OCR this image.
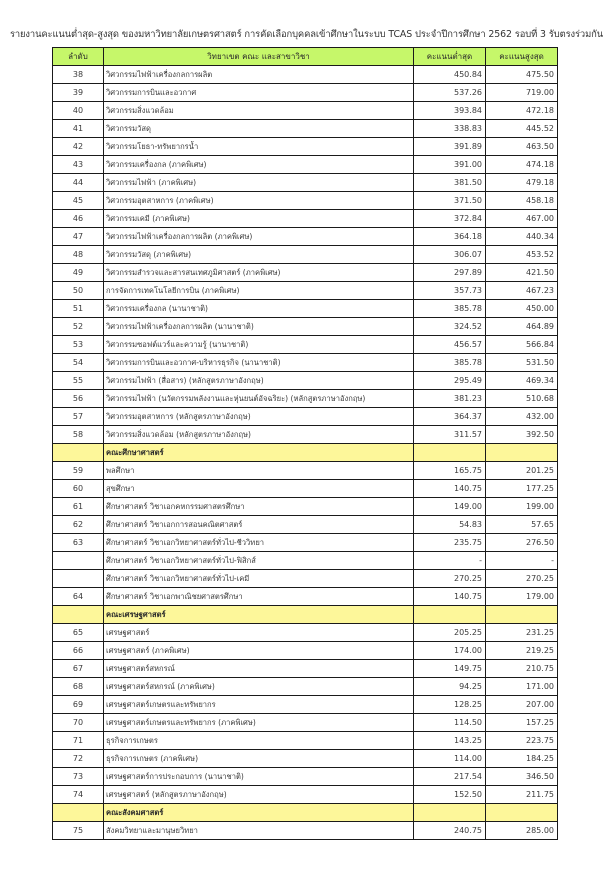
รายงานคะแนนต่ำสุด-สูงสุด ของมหาวิทยาลัยเกษตรศาสตร์ การคัดเลือกบุคคลเข้าศึกษาในระบบ TCAS ประจำปีการศึกษา 2562 รอบที่ 3 รับตรงร่วมกัน
ลำดับ	วิทยาเขต คณะ และสาขาวิชา	คะแนนต่ำสุด	คะแนนสูงสุด
38	วิศวกรรมไฟฟ้าเครื่องกลการผลิต	450.84	475.50
39	วิศวกรรมการบินและอวกาศ	537.26	719.00
40	วิศวกรรมสิ่งแวดล้อม	393.84	472.18
41	วิศวกรรมวัสดุ	338.83	445.52
42	วิศวกรรมโยธา-ทรัพยากรน้ำ	391.89	463.50
43	วิศวกรรมเครื่องกล (ภาคพิเศษ)	391.00	474.18
44	วิศวกรรมไฟฟ้า (ภาคพิเศษ)	381.50	479.18
45	วิศวกรรมอุตสาหการ (ภาคพิเศษ)	371.50	458.18
46	วิศวกรรมเคมี (ภาคพิเศษ)	372.84	467.00
47	วิศวกรรมไฟฟ้าเครื่องกลการผลิต (ภาคพิเศษ)	364.18	440.34
48	วิศวกรรมวัสดุ (ภาคพิเศษ)	306.07	453.52
49	วิศวกรรมสำรวจและสารสนเทศภูมิศาสตร์ (ภาคพิเศษ)	297.89	421.50
50	การจัดการเทคโนโลยีการบิน (ภาคพิเศษ)	357.73	467.23
51	วิศวกรรมเครื่องกล (นานาชาติ)	385.78	450.00
52	วิศวกรรมไฟฟ้าเครื่องกลการผลิต (นานาชาติ)	324.52	464.89
53	วิศวกรรมซอฟต์แวร์และความรู้ (นานาชาติ)	456.57	566.84
54	วิศวกรรมการบินและอวกาศ-บริหารธุรกิจ (นานาชาติ)	385.78	531.50
55	วิศวกรรมไฟฟ้า (สื่อสาร) (หลักสูตรภาษาอังกฤษ)	295.49	469.34
56	วิศวกรรมไฟฟ้า (นวัตกรรมพลังงานและหุ่นยนต์อัจฉริยะ) (หลักสูตรภาษาอังกฤษ)	381.23	510.68
57	วิศวกรรมอุตสาหการ (หลักสูตรภาษาอังกฤษ)	364.37	432.00
58	วิศวกรรมสิ่งแวดล้อม (หลักสูตรภาษาอังกฤษ)	311.57	392.50
	คณะศึกษาศาสตร์		
59	พลศึกษา	165.75	201.25
60	สุขศึกษา	140.75	177.25
61	ศึกษาศาสตร์ วิชาเอกคหกรรมศาสตรศึกษา	149.00	199.00
62	ศึกษาศาสตร์ วิชาเอกการสอนคณิตศาสตร์	54.83	57.65
63	ศึกษาศาสตร์ วิชาเอกวิทยาศาสตร์ทั่วไป-ชีววิทยา	235.75	276.50
	ศึกษาศาสตร์ วิชาเอกวิทยาศาสตร์ทั่วไป-ฟิสิกส์	-	-
	ศึกษาศาสตร์ วิชาเอกวิทยาศาสตร์ทั่วไป-เคมี	270.25	270.25
64	ศึกษาศาสตร์ วิชาเอกพาณิชยศาสตรศึกษา	140.75	179.00
	คณะเศรษฐศาสตร์		
65	เศรษฐศาสตร์	205.25	231.25
66	เศรษฐศาสตร์ (ภาคพิเศษ)	174.00	219.25
67	เศรษฐศาสตร์สหกรณ์	149.75	210.75
68	เศรษฐศาสตร์สหกรณ์ (ภาคพิเศษ)	94.25	171.00
69	เศรษฐศาสตร์เกษตรและทรัพยากร	128.25	207.00
70	เศรษฐศาสตร์เกษตรและทรัพยากร (ภาคพิเศษ)	114.50	157.25
71	ธุรกิจการเกษตร	143.25	223.75
72	ธุรกิจการเกษตร (ภาคพิเศษ)	114.00	184.25
73	เศรษฐศาสตร์การประกอบการ (นานาชาติ)	217.54	346.50
74	เศรษฐศาสตร์ (หลักสูตรภาษาอังกฤษ)	152.50	211.75
	คณะสังคมศาสตร์		
75	สังคมวิทยาและมานุษยวิทยา	240.75	285.00
